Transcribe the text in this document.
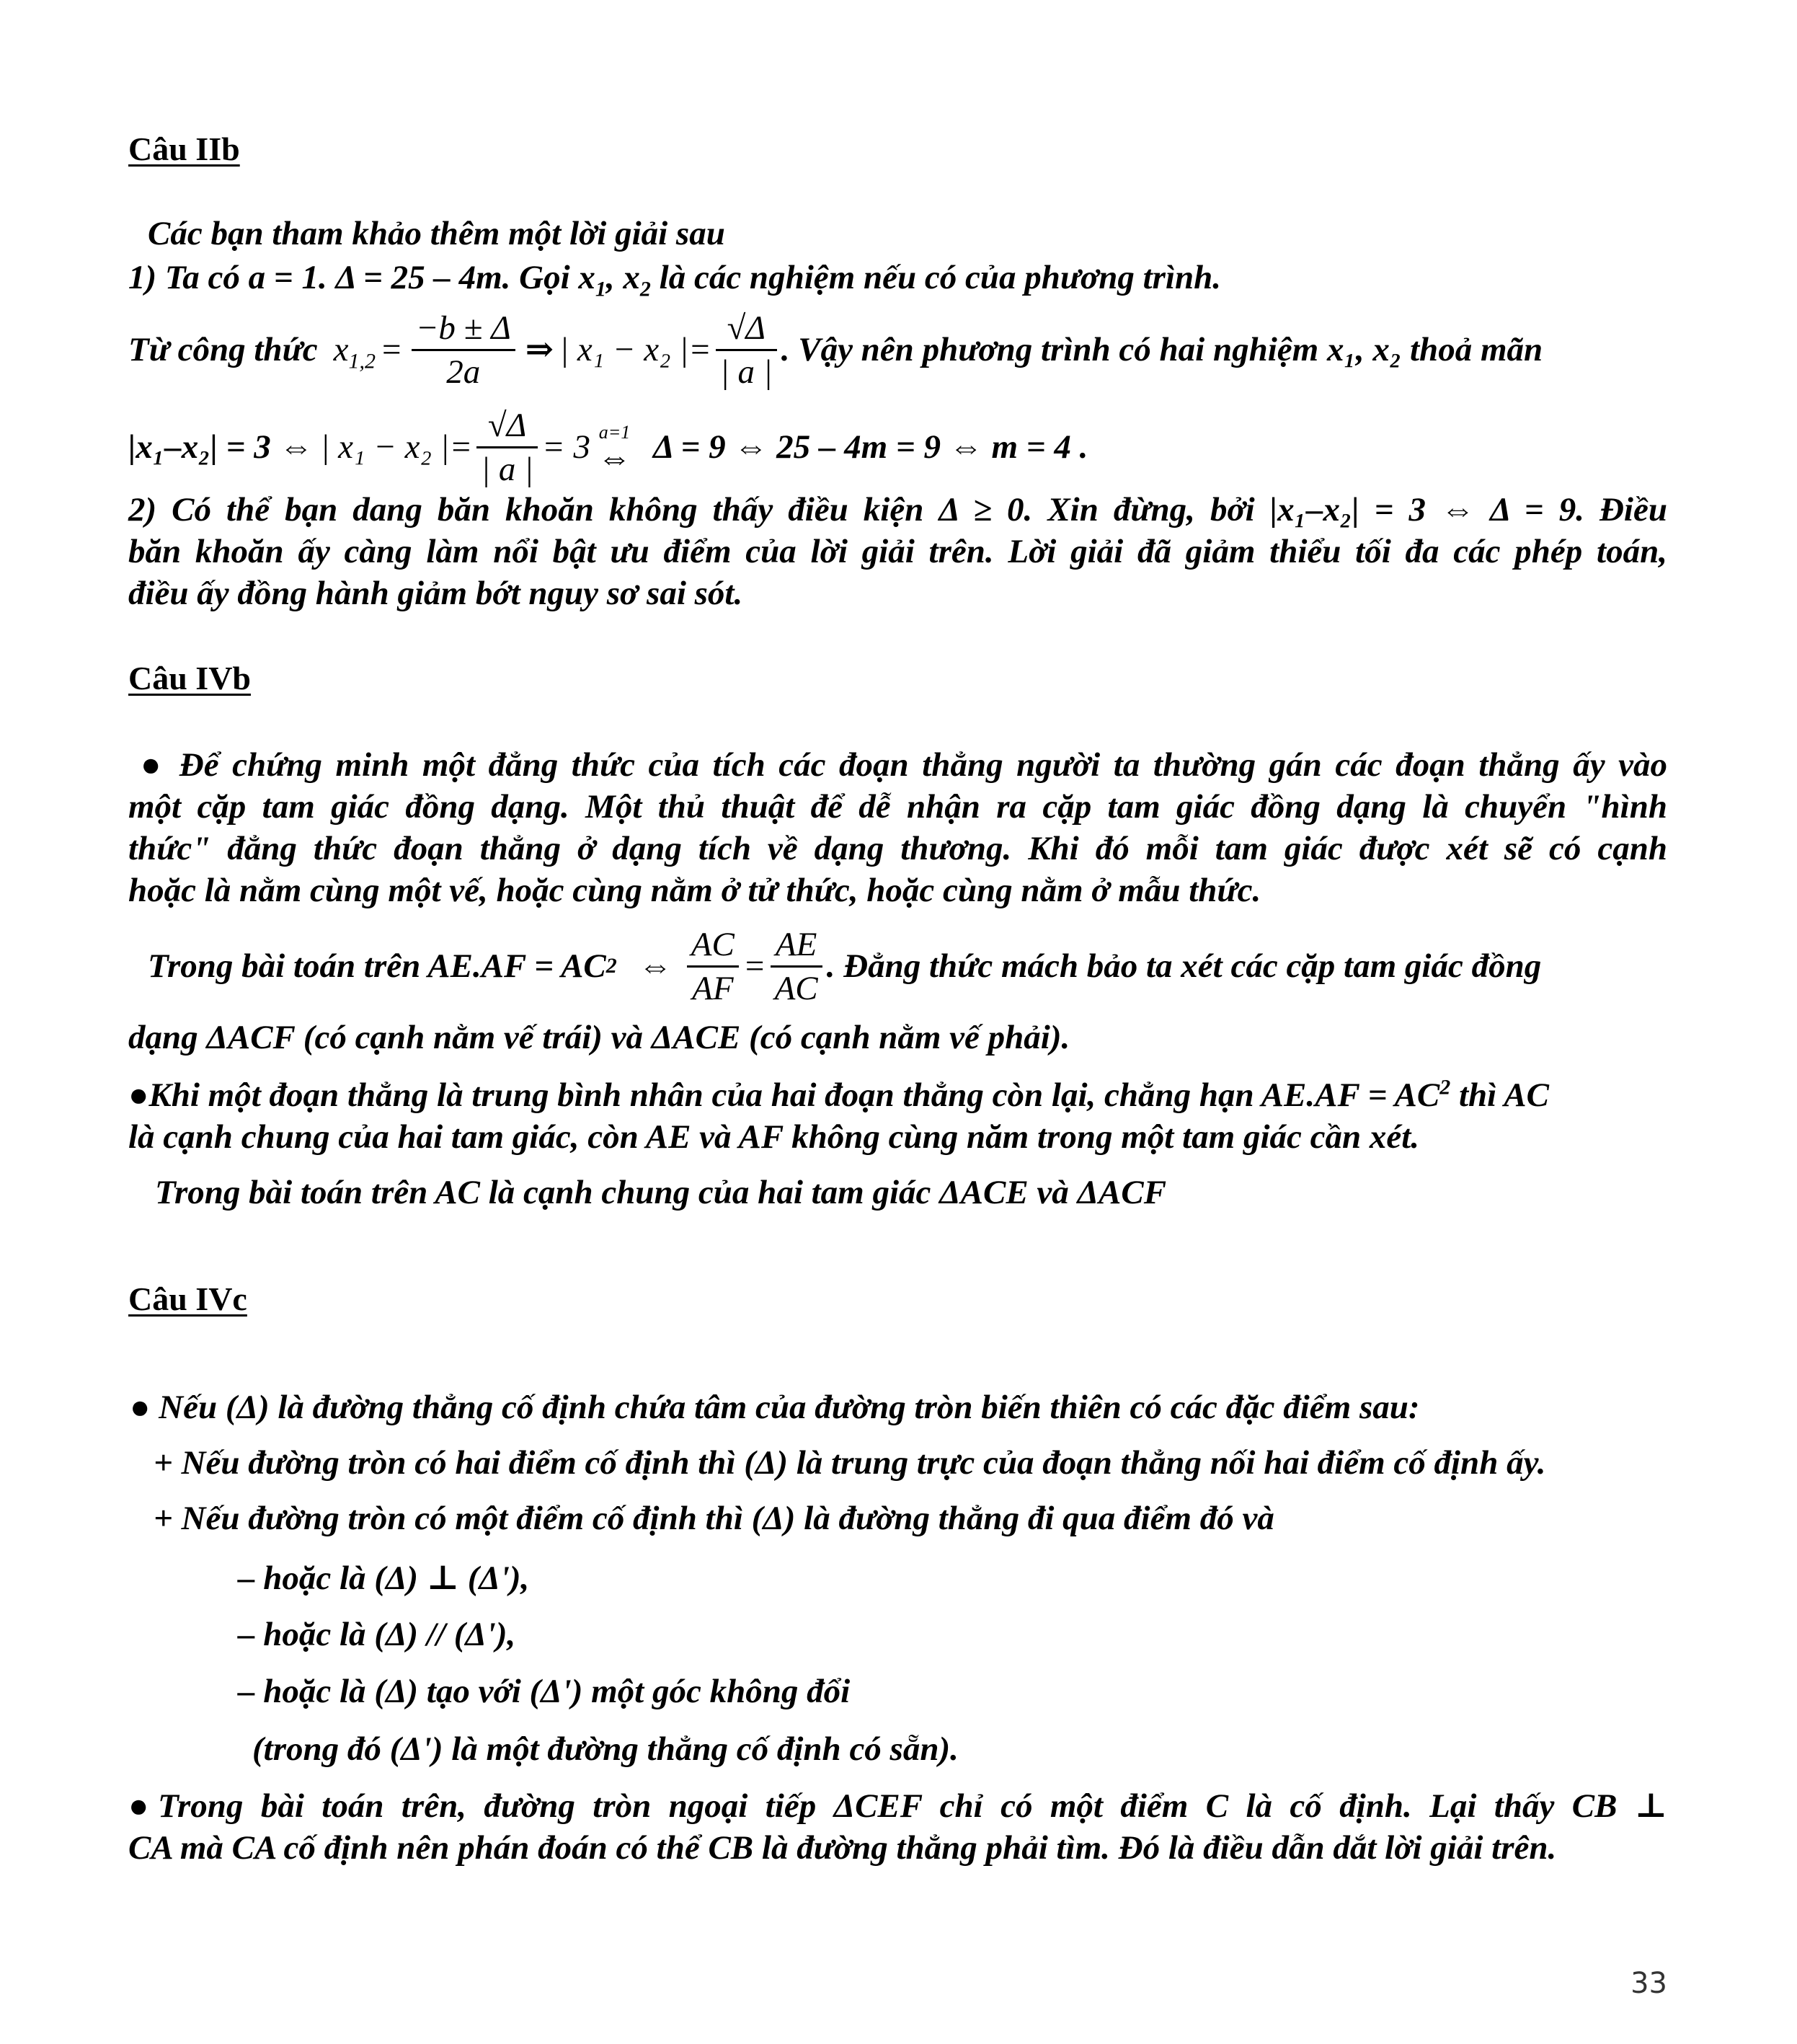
Câu IIb
Các bạn tham khảo thêm một lời giải sau
1) Ta có a = 1. Δ = 25 – 4m. Gọi $x_1$, $x_2$ là các nghiệm nếu có của phương trình.
Từ công thức $x_{1,2} = \frac{-b \pm \Delta}{2a}$ ⇒ | x₁ − x₂ |= $\frac{√\Delta}{| a |}$ . Vậy nên phương trình có hai nghiệm x₁, x₂ thoả mãn
|x₁–x₂| = 3 ⇔ | x₁ − x₂ |= $\frac{√\Delta}{| a |} = 3$ a=1
⇔ Δ = 9 ⇔ 25 – 4m = 9 ⇔ m = 4 .
2) Có thể bạn dang băn khoăn không thấy điều kiện Δ ≥ 0. Xin đừng, bởi |x₁–x₂| = 3 ⇔ Δ = 9. Điều
băn khoăn ấy càng làm nổi bật ưu điểm của lời giải trên. Lời giải đã giảm thiểu tối đa các phép toán,
điều ấy đồng hành giảm bớt nguy sơ sai sót.
Câu IVb
● Để chứng minh một đẳng thức của tích các đoạn thẳng người ta thường gán các đoạn thẳng ấy vào
một cặp tam giác đồng dạng. Một thủ thuật để dễ nhận ra cặp tam giác đồng dạng là chuyển "hình
thức" đẳng thức đoạn thẳng ở dạng tích về dạng thương. Khi đó mỗi tam giác được xét sẽ có cạnh
hoặc là nằm cùng một vế, hoặc cùng nằm ở tử thức, hoặc cùng nằm ở mẫu thức.
Trong bài toán trên AE.AF = AC 2 ⇔ $\frac{AC}{AF} = \frac{AE}{AC}$ . Đẳng thức mách bảo ta xét các cặp tam giác đồng
dạng ΔACF (có cạnh nằm vế trái) và ΔACE (có cạnh nằm vế phải).
●Khi một đoạn thẳng là trung bình nhân của hai đoạn thẳng còn lại, chẳng hạn $AE.AF = AC^2$ thì AC
là cạnh chung của hai tam giác, còn AE và AF không cùng năm trong một tam giác cần xét.
Trong bài toán trên AC là cạnh chung của hai tam giác ΔACE và ΔACF
Câu IVc
● Nếu (Δ) là đường thẳng cố định chứa tâm của đường tròn biến thiên có các đặc điểm sau:
+ Nếu đường tròn có hai điểm cố định thì (Δ) là trung trực của đoạn thẳng nối hai điểm cố định ấy.
+ Nếu đường tròn có một điểm cố định thì (Δ) là đường thẳng đi qua điểm đó và
– hoặc là (Δ) ⊥ (Δ'),
– hoặc là (Δ) // (Δ'),
– hoặc là (Δ) tạo với (Δ') một góc không đổi
(trong đó (Δ') là một đường thẳng cố định có sẵn).
●Trong bài toán trên, đường tròn ngoại tiếp ΔCEF chỉ có một điểm C là cố định. Lại thấy CB ⊥
CA mà CA cố định nên phán đoán có thể CB là đường thẳng phải tìm. Đó là điều dẫn dắt lời giải trên.
33
